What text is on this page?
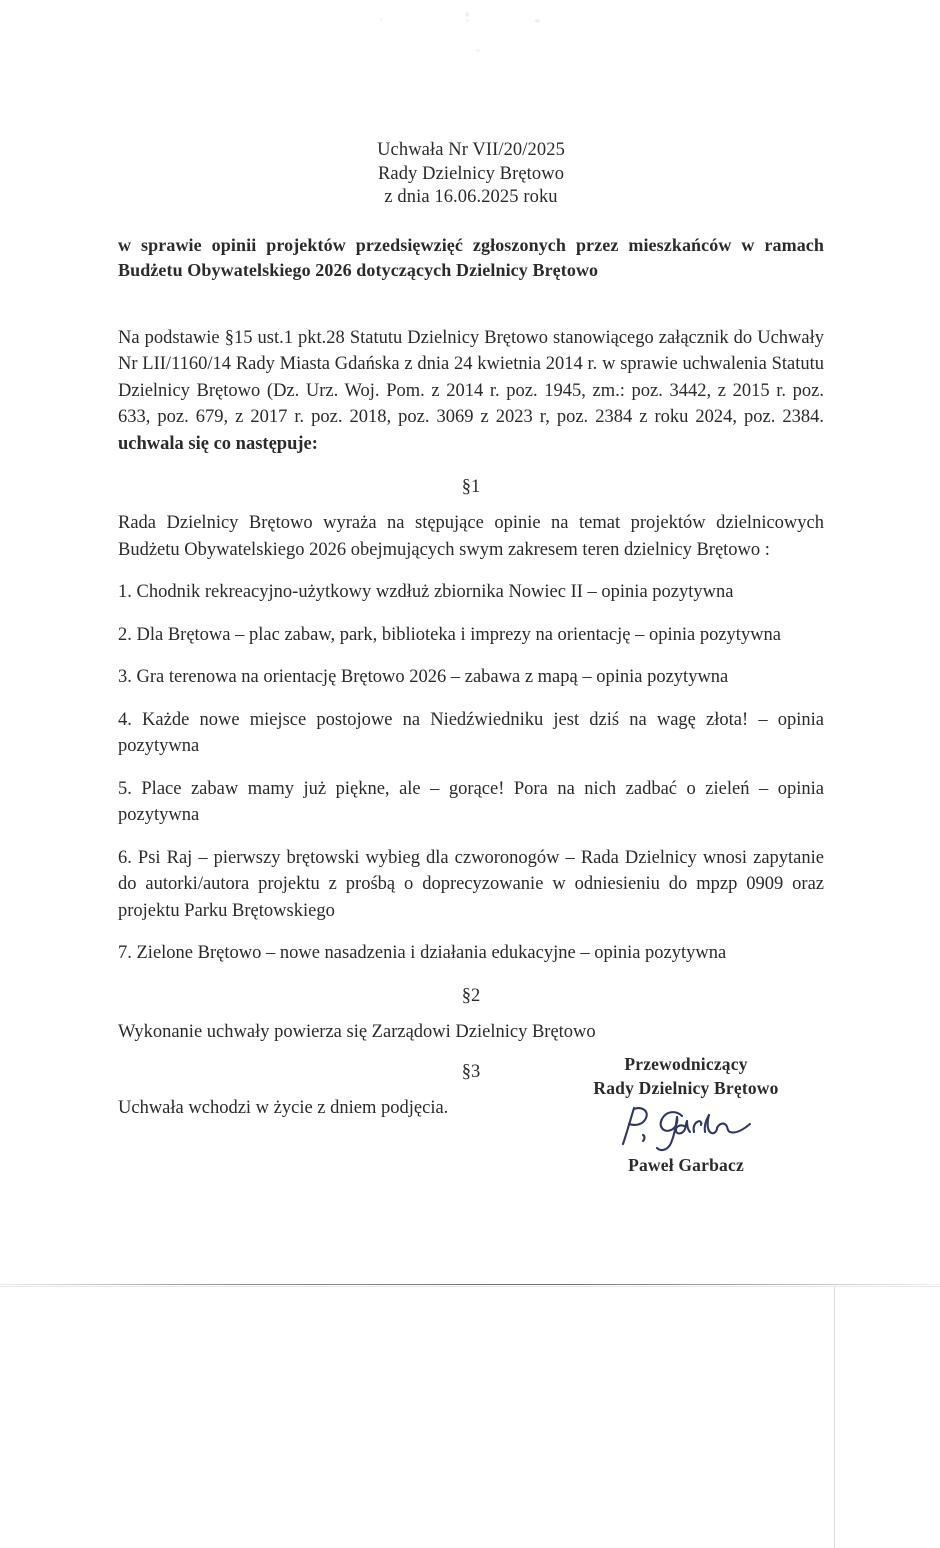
Uchwała Nr VII/20/2025
Rady Dzielnicy Brętowo
z dnia 16.06.2025 roku
w sprawie opinii projektów przedsięwzięć zgłoszonych przez mieszkańców w ramach Budżetu Obywatelskiego 2026 dotyczących Dzielnicy Brętowo
Na podstawie §15 ust.1 pkt.28 Statutu Dzielnicy Brętowo stanowiącego załącznik do Uchwały Nr LII/1160/14 Rady Miasta Gdańska z dnia 24 kwietnia 2014 r. w sprawie uchwalenia Statutu Dzielnicy Brętowo (Dz. Urz. Woj. Pom. z 2014 r. poz. 1945, zm.: poz. 3442, z 2015 r. poz. 633, poz. 679, z 2017 r. poz. 2018, poz. 3069 z 2023 r, poz. 2384 z roku 2024, poz. 2384. uchwala się co następuje:
§1
Rada Dzielnicy Brętowo wyraża na stępujące opinie na temat projektów dzielnicowych Budżetu Obywatelskiego 2026 obejmujących swym zakresem teren dzielnicy Brętowo :
1. Chodnik rekreacyjno-użytkowy wzdłuż zbiornika Nowiec II – opinia pozytywna
2. Dla Brętowa – plac zabaw, park, biblioteka i imprezy na orientację – opinia pozytywna
3. Gra terenowa na orientację Brętowo 2026 – zabawa z mapą – opinia pozytywna
4. Każde nowe miejsce postojowe na Niedźwiedniku jest dziś na wagę złota! – opinia pozytywna
5. Place zabaw mamy już piękne, ale – gorące! Pora na nich zadbać o zieleń – opinia pozytywna
6. Psi Raj – pierwszy brętowski wybieg dla czworonogów – Rada Dzielnicy wnosi zapytanie do autorki/autora projektu z prośbą o doprecyzowanie w odniesieniu do mpzp 0909 oraz projektu Parku Brętowskiego
7. Zielone Brętowo – nowe nasadzenia i działania edukacyjne – opinia pozytywna
§2
Wykonanie uchwały powierza się Zarządowi Dzielnicy Brętowo
§3
Uchwała wchodzi w życie z dniem podjęcia.
Przewodniczący
Rady Dzielnicy Brętowo
Paweł Garbacz
